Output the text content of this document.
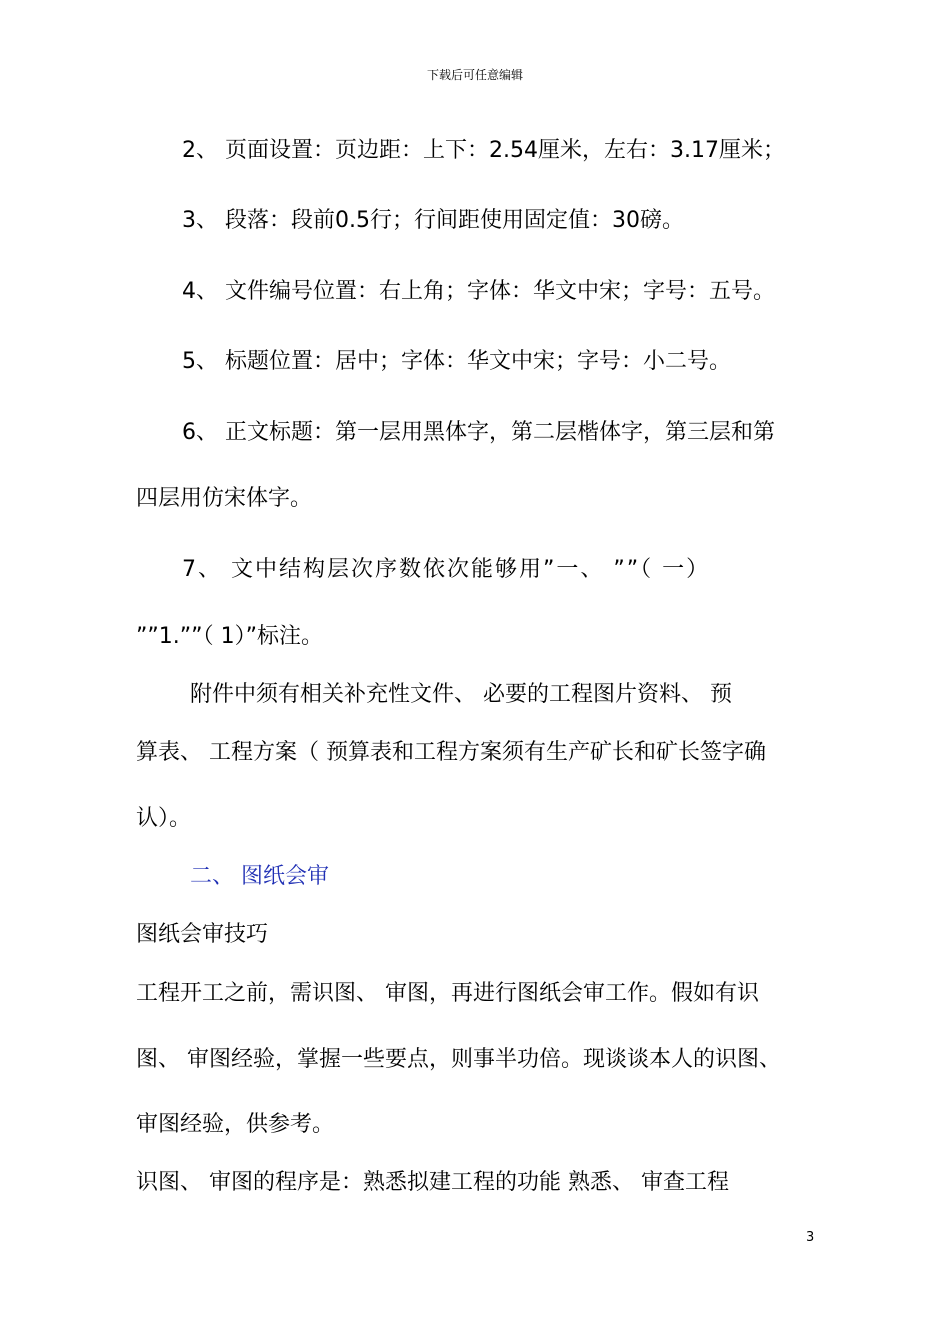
下载后可任意编辑
2、 页面设置：页边距：上下：2.54厘米，左右：3.17厘米；
3、 段落：段前0.5行；行间距使用固定值：30磅。
4、 文件编号位置：右上角；字体：华文中宋；字号：五号。
5、 标题位置：居中；字体：华文中宋；字号：小二号。
6、 正文标题：第一层用黑体字，第二层楷体字，第三层和第
四层用仿宋体字。
7、 文中结构层次序数依次能够用”一、 ””（ 一）
””1.””（ 1）”标注。
附件中须有相关补充性文件、 必要的工程图片资料、 预
算表、 工程方案（ 预算表和工程方案须有生产矿长和矿长签字确
认）。
二、 图纸会审
图纸会审技巧
工程开工之前，需识图、 审图，再进行图纸会审工作。假如有识
图、 审图经验，掌握一些要点，则事半功倍。现谈谈本人的识图、
审图经验，供参考。
识图、 审图的程序是：熟悉拟建工程的功能 熟悉、 审查工程
3
